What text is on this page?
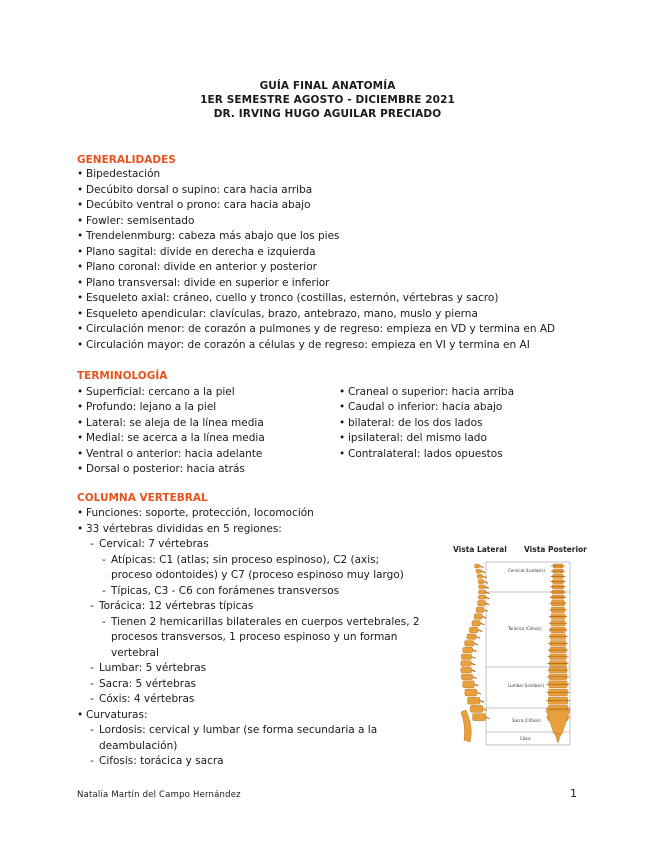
GUÍA FINAL ANATOMÍA
1ER SEMESTRE AGOSTO - DICIEMBRE 2021
DR. IRVING HUGO AGUILAR PRECIADO
GENERALIDADES
• Bipedestación
• Decúbito dorsal o supino: cara hacia arriba
• Decúbito ventral o prono: cara hacia abajo
• Fowler: semisentado
• Trendelenmburg: cabeza más abajo que los pies
• Plano sagital: divide en derecha e izquierda
• Plano coronal: divide en anterior y posterior
• Plano transversal: divide en superior e inferior
• Esqueleto axial: cráneo, cuello y tronco (costillas, esternón, vértebras y sacro)
• Esqueleto apendicular: clavículas, brazo, antebrazo, mano, muslo y pierna
• Circulación menor: de corazón a pulmones y de regreso: empieza en VD y termina en AD
• Circulación mayor: de corazón a células y de regreso: empieza en VI y termina en AI
TERMINOLOGÍA
• Superficial: cercano a la piel
• Profundo: lejano a la piel
• Lateral: se aleja de la línea media
• Medial: se acerca a la línea media
• Ventral o anterior: hacia adelante
• Dorsal o posterior: hacia atrás
• Craneal o superior: hacia arriba
• Caudal o inferior: hacia abajo
• bilateral: de los dos lados
• ipsilateral: del mismo lado
• Contralateral: lados opuestos
COLUMNA VERTEBRAL
• Funciones: soporte, protección, locomoción
• 33 vértebras divididas en 5 regiones:
- Cervical: 7 vértebras
- Atípicas: C1 (atlas; sin proceso espinoso), C2 (axis;
proceso odontoides) y C7 (proceso espinoso muy largo)
- Típicas, C3 - C6 con forámenes transversos
- Torácica: 12 vértebras típicas
- Tienen 2 hemicarillas bilaterales en cuerpos vertebrales, 2
procesos transversos, 1 proceso espinoso y un forman
vertebral
- Lumbar: 5 vértebras
- Sacra: 5 vértebras
- Cóxis: 4 vértebras
• Curvaturas:
- Lordosis: cervical y lumbar (se forma secundaria a la
deambulación)
- Cifosis: torácica y sacra
Vista Lateral Vista Posterior
Cervical (Lordosis)
Torácica (Cifosis)
Lumbar (Lordosis)
Sacra (Cifosis)
Cóxis
Natalia Martín del Campo Hernández	1
